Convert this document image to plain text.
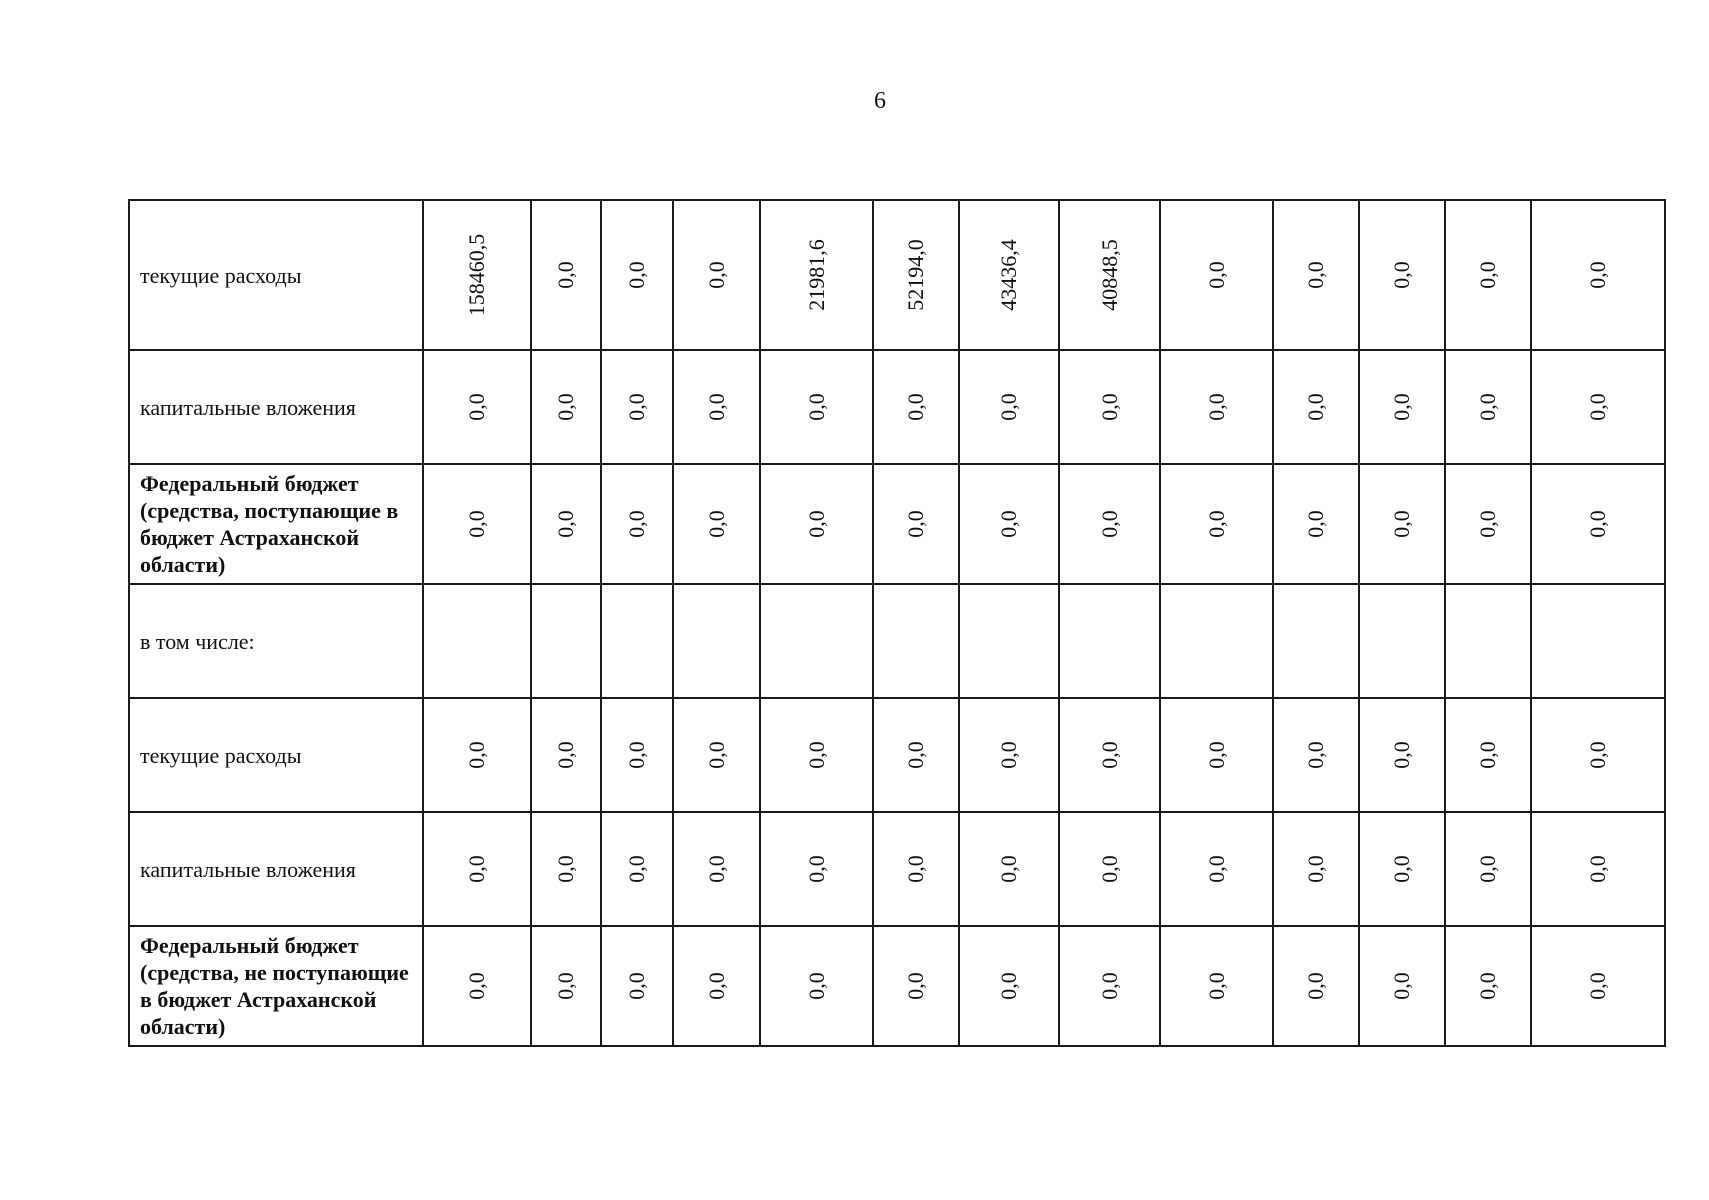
6
текущие расходы	158460,5	0,0	0,0	0,0	21981,6	52194,0	43436,4	40848,5	0,0	0,0	0,0	0,0	0,0

капитальные вложения	0,0	0,0	0,0	0,0	0,0	0,0	0,0	0,0	0,0	0,0	0,0	0,0	0,0

Федеральный бюджет (средства, поступающие в бюджет Астраханской области)	0,0	0,0	0,0	0,0	0,0	0,0	0,0	0,0	0,0	0,0	0,0	0,0	0,0

в том числе:	

текущие расходы	0,0	0,0	0,0	0,0	0,0	0,0	0,0	0,0	0,0	0,0	0,0	0,0	0,0

капитальные вложения	0,0	0,0	0,0	0,0	0,0	0,0	0,0	0,0	0,0	0,0	0,0	0,0	0,0

Федеральный бюджет (средства, не поступающие в бюджет Астраханской области)	0,0	0,0	0,0	0,0	0,0	0,0	0,0	0,0	0,0	0,0	0,0	0,0	0,0
